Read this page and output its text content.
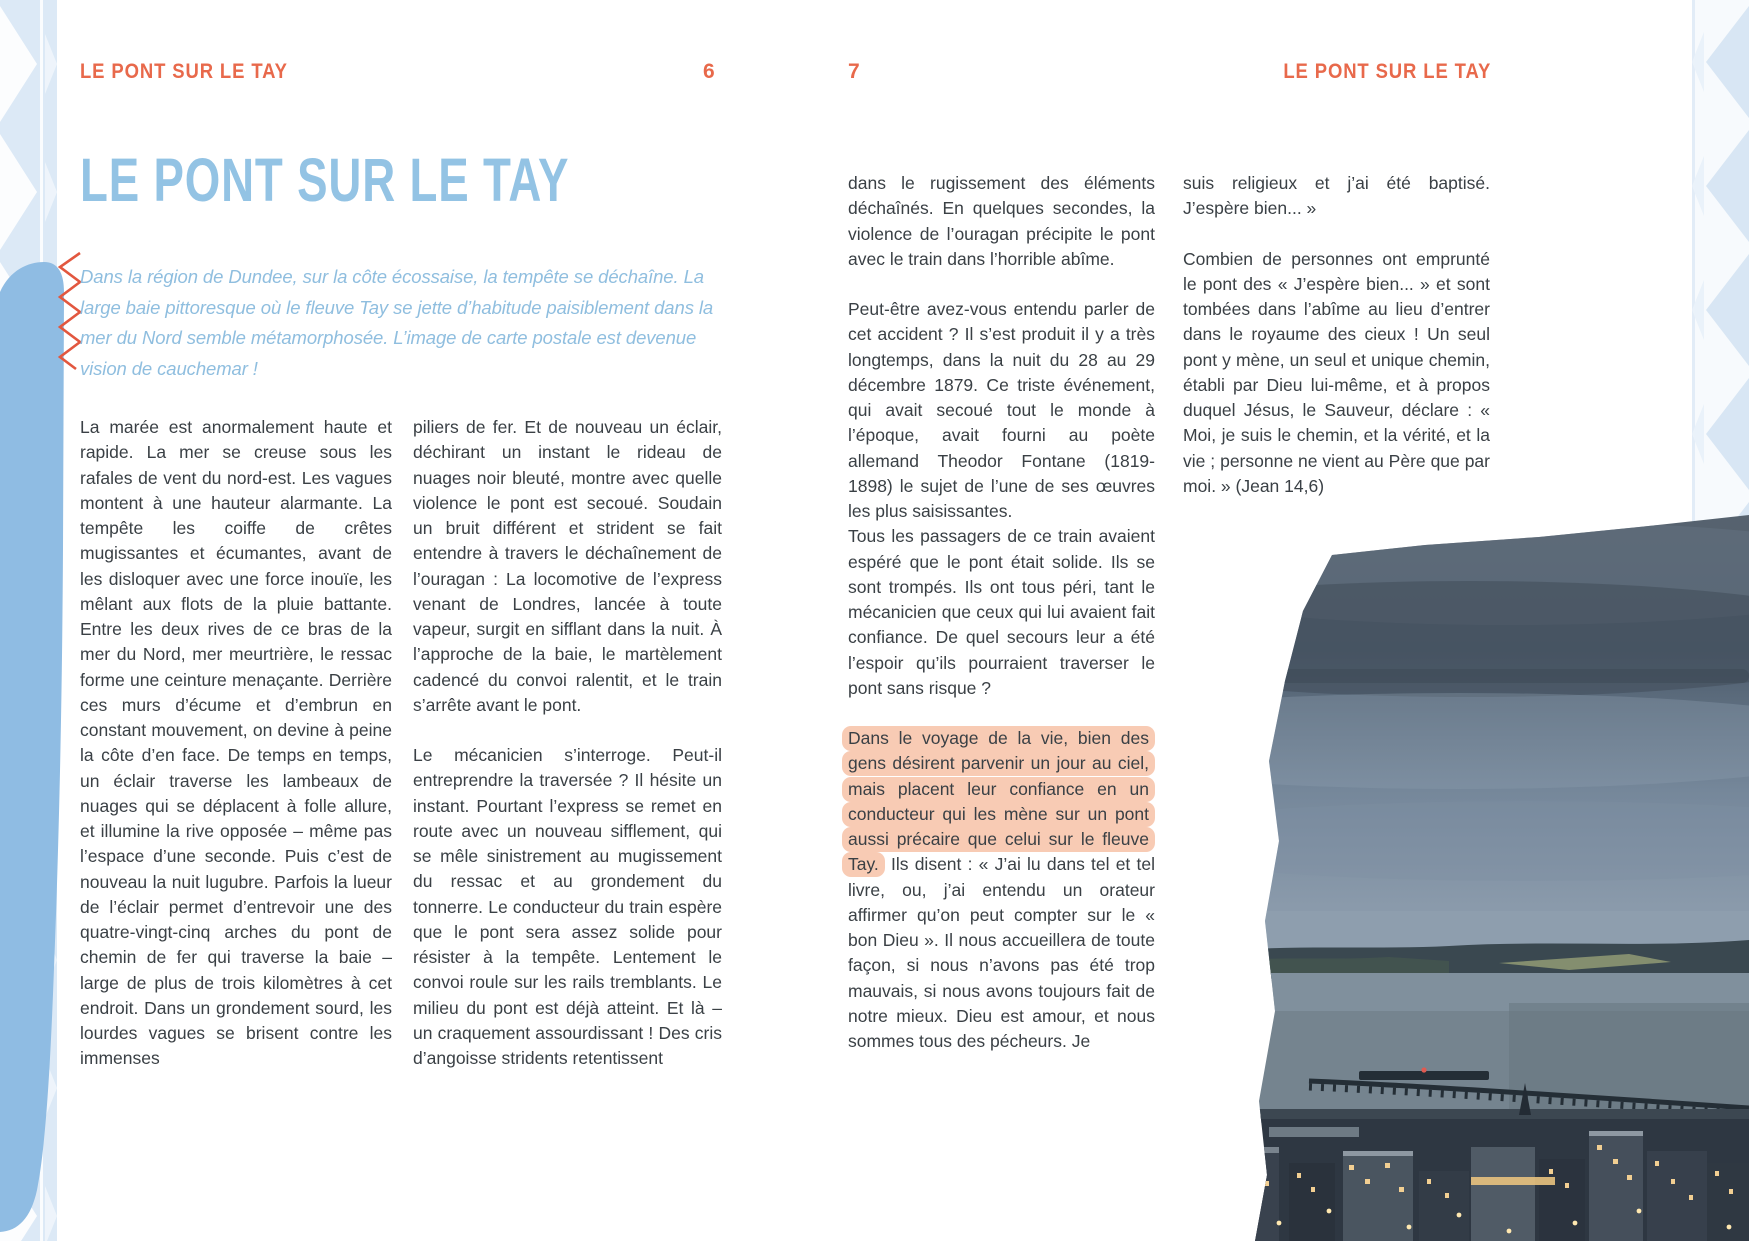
LE PONT SUR LE TAY	6	7	LE PONT SUR LE TAY
LE PONT SUR LE TAY
Dans la région de Dundee, sur la côte écossaise, la tempête se déchaîne. La large baie pittoresque où le fleuve Tay se jette d’habitude paisiblement dans la mer du Nord semble métamorphosée. L’image de carte postale est devenue vision de cauchemar !

La marée est anormalement haute et rapide. La mer se creuse sous les rafales de vent du nord-est. Les vagues montent à une hauteur alarmante. La tempête les coiffe de crêtes mugissantes et écumantes, avant de les disloquer avec une force inouïe, les mêlant aux flots de la pluie battante. Entre les deux rives de ce bras de la mer du Nord, mer meurtrière, le ressac forme une ceinture menaçante. Derrière ces murs d’écume et d’embrun en constant mouvement, on devine à peine la côte d’en face. De temps en temps, un éclair traverse les lambeaux de nuages qui se déplacent à folle allure, et illumine la rive opposée – même pas l’espace d’une seconde. Puis c’est de nouveau la nuit lugubre. Parfois la lueur de l’éclair permet d’entrevoir une des quatre-vingt-cinq arches du pont de chemin de fer qui traverse la baie – large de plus de trois kilomètres à cet endroit. Dans un grondement sourd, les lourdes vagues se brisent contre les immenses

piliers de fer. Et de nouveau un éclair, déchirant un instant le rideau de nuages noir bleuté, montre avec quelle violence le pont est secoué. Soudain un bruit différent et strident se fait entendre à travers le déchaînement de l’ouragan : La locomotive de l’express venant de Londres, lancée à toute vapeur, surgit en sifflant dans la nuit. À l’approche de la baie, le martèlement cadencé du convoi ralentit, et le train s’arrête avant le pont.

Le mécanicien s’interroge. Peut-il entreprendre la traversée ? Il hésite un instant. Pourtant l’express se remet en route avec un nouveau sifflement, qui se mêle sinistrement au mugissement du ressac et au grondement du tonnerre. Le conducteur du train espère que le pont sera assez solide pour résister à la tempête. Lentement le convoi roule sur les rails tremblants. Le milieu du pont est déjà atteint. Et là – un craquement assourdissant ! Des cris d’angoisse stridents retentissent

dans le rugissement des éléments déchaînés. En quelques secondes, la violence de l’ouragan précipite le pont avec le train dans l’horrible abîme.

Peut-être avez-vous entendu parler de cet accident ? Il s’est produit il y a très longtemps, dans la nuit du 28 au 29 décembre 1879. Ce triste événement, qui avait secoué tout le monde à l’époque, avait fourni au poète allemand Theodor Fontane (1819-1898) le sujet de l’une de ses œuvres les plus saisissantes.

Tous les passagers de ce train avaient espéré que le pont était solide. Ils se sont trompés. Ils ont tous péri, tant le mécanicien que ceux qui lui avaient fait confiance. De quel secours leur a été l’espoir qu’ils pourraient traverser le pont sans risque ?

Dans le voyage de la vie, bien des gens désirent parvenir un jour au ciel, mais placent leur confiance en un conducteur qui les mène sur un pont aussi précaire que celui sur le fleuve Tay. Ils disent : « J’ai lu dans tel et tel livre, ou, j’ai entendu un orateur affirmer qu’on peut compter sur le « bon Dieu ». Il nous accueillera de toute façon, si nous n’avons pas été trop mauvais, si nous avons toujours fait de notre mieux. Dieu est amour, et nous sommes tous des pécheurs. Je

suis religieux et j’ai été baptisé. J’espère bien... »

Combien de personnes ont emprunté le pont des « J’espère bien... » et sont tombées dans l’abîme au lieu d’entrer dans le royaume des cieux ! Un seul pont y mène, un seul et unique chemin, établi par Dieu lui-même, et à propos duquel Jésus, le Sauveur, déclare : « Moi, je suis le chemin, et la vérité, et la vie ; personne ne vient au Père que par moi. » (Jean 14,6)
